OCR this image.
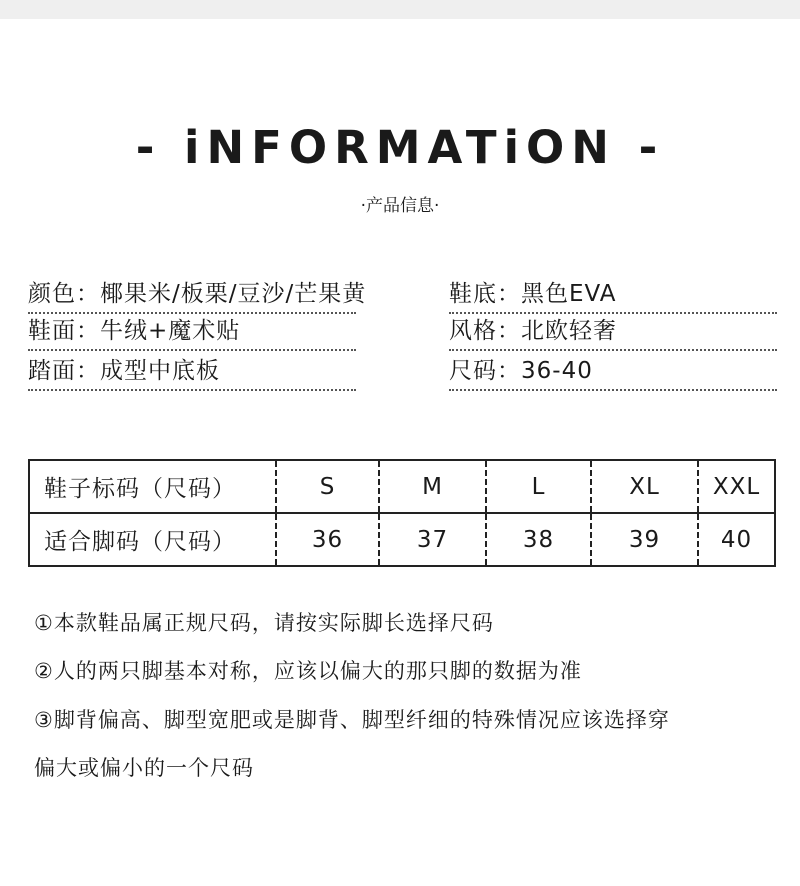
- iNFORMATiON -
·产品信息·
颜色：椰果米/板栗/豆沙/芒果黄	鞋底：黑色EVA
鞋面：牛绒+魔术贴	风格：北欧轻奢
踏面：成型中底板	尺码：36-40
鞋子标码（尺码）	S	M	L	XL	XXL
适合脚码（尺码）	36	37	38	39	40
①本款鞋品属正规尺码，请按实际脚长选择尺码
②人的两只脚基本对称，应该以偏大的那只脚的数据为准
③脚背偏高、脚型宽肥或是脚背、脚型纤细的特殊情况应该选择穿
偏大或偏小的一个尺码
